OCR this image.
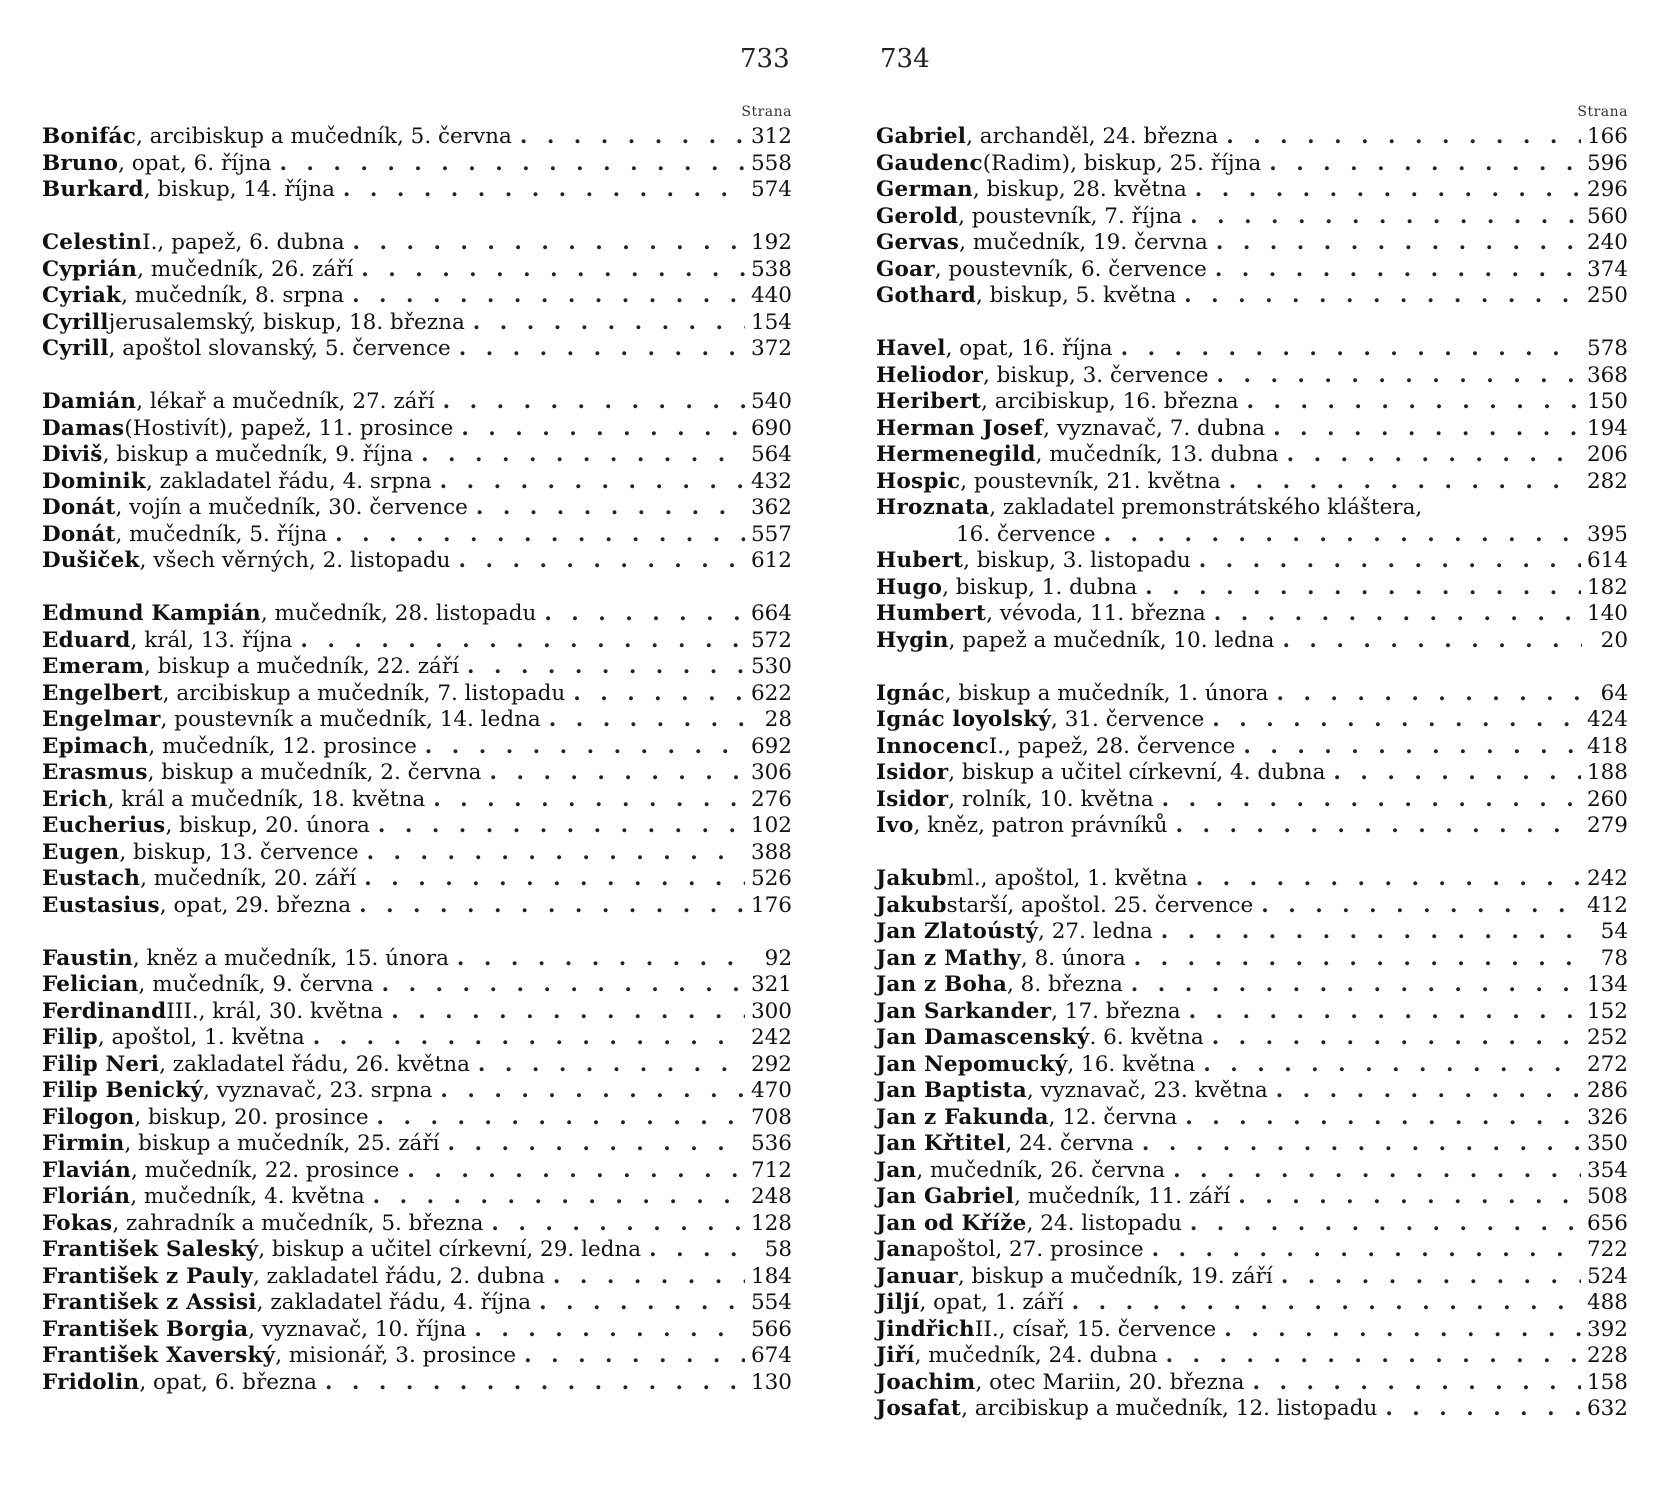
733	734
Strana
Bonifác , arcibiskup a mučedník, 5. června . . .	312
Bruno , opat, 6. října . . .	558
Burkard , biskup, 14. října . . .	574
Celestin I., papež, 6. dubna . . .	192
Cyprián , mučedník, 26. září . . .	538
Cyriak , mučedník, 8. srpna . . .	440
Cyrill jerusalemský, biskup, 18. března . . .	154
Cyrill , apoštol slovanský, 5. července . . .	372
Damián , lékař a mučedník, 27. září . . .	540
Damas (Hostivít), papež, 11. prosince . . .	690
Diviš , biskup a mučedník, 9. října . . .	564
Dominik , zakladatel řádu, 4. srpna . . .	432
Donát , vojín a mučedník, 30. července . . .	362
Donát , mučedník, 5. října . . .	557
Dušiček , všech věrných, 2. listopadu . . .	612
Edmund Kampián , mučedník, 28. listopadu . . .	664
Eduard , král, 13. října . . .	572
Emeram , biskup a mučedník, 22. září . . .	530
Engelbert , arcibiskup a mučedník, 7. listopadu . . .	622
Engelmar , poustevník a mučedník, 14. ledna . . .	28
Epimach , mučedník, 12. prosince . . .	692
Erasmus , biskup a mučedník, 2. června . . .	306
Erich , král a mučedník, 18. května . . .	276
Eucherius , biskup, 20. února . . .	102
Eugen , biskup, 13. července . . .	388
Eustach , mučedník, 20. září . . .	526
Eustasius , opat, 29. března . . .	176
Faustin , kněz a mučedník, 15. února . . .	92
Felician , mučedník, 9. června . . .	321
Ferdinand III., král, 30. května . . .	300
Filip , apoštol, 1. května . . .	242
Filip Neri , zakladatel řádu, 26. května . . .	292
Filip Benický , vyznavač, 23. srpna . . .	470
Filogon , biskup, 20. prosince . . .	708
Firmin , biskup a mučedník, 25. září . . .	536
Flavián , mučedník, 22. prosince . . .	712
Florián , mučedník, 4. května . . .	248
Fokas , zahradník a mučedník, 5. března . . .	128
František Saleský , biskup a učitel církevní, 29. ledna . . .	58
František z Pauly , zakladatel řádu, 2. dubna . . .	184
František z Assisi , zakladatel řádu, 4. října . . .	554
František Borgia , vyznavač, 10. října . . .	566
František Xaverský , misionář, 3. prosince . . .	674
Fridolin , opat, 6. března . . .	130
Strana
Gabriel , archanděl, 24. března . . .	166
Gaudenc (Radim), biskup, 25. října . . .	596
German , biskup, 28. května . . .	296
Gerold , poustevník, 7. října . . .	560
Gervas , mučedník, 19. června . . .	240
Goar , poustevník, 6. července . . .	374
Gothard , biskup, 5. května . . .	250
Havel , opat, 16. října . . .	578
Heliodor , biskup, 3. července . . .	368
Heribert , arcibiskup, 16. března . . .	150
Herman Josef , vyznavač, 7. dubna . . .	194
Hermenegild , mučedník, 13. dubna . . .	206
Hospic , poustevník, 21. května . . .	282
Hroznata , zakladatel premonstrátského kláštera,
16. července . . .	395
Hubert , biskup, 3. listopadu . . .	614
Hugo , biskup, 1. dubna . . .	182
Humbert , vévoda, 11. března . . .	140
Hygin , papež a mučedník, 10. ledna . . .	20
Ignác , biskup a mučedník, 1. února . . .	64
Ignác loyolský , 31. července . . .	424
Innocenc I., papež, 28. července . . .	418
Isidor , biskup a učitel církevní, 4. dubna . . .	188
Isidor , rolník, 10. května . . .	260
Ivo , kněz, patron právníků . . .	279
Jakub ml., apoštol, 1. května . . .	242
Jakub starší, apoštol. 25. července . . .	412
Jan Zlatoústý , 27. ledna . . .	54
Jan z Mathy , 8. února . . .	78
Jan z Boha , 8. března . . .	134
Jan Sarkander , 17. března . . .	152
Jan Damascenský . 6. května . . .	252
Jan Nepomucký , 16. května . . .	272
Jan Baptista , vyznavač, 23. května . . .	286
Jan z Fakunda , 12. června . . .	326
Jan Křtitel , 24. června . . .	350
Jan , mučedník, 26. června . . .	354
Jan Gabriel , mučedník, 11. září . . .	508
Jan od Kříže , 24. listopadu . . .	656
Jan apoštol, 27. prosince . . .	722
Januar , biskup a mučedník, 19. září . . .	524
Jiljí , opat, 1. září . . .	488
Jindřich II., císař, 15. července . . .	392
Jiří , mučedník, 24. dubna . . .	228
Joachim , otec Mariin, 20. března . . .	158
Josafat , arcibiskup a mučedník, 12. listopadu . . .	632
